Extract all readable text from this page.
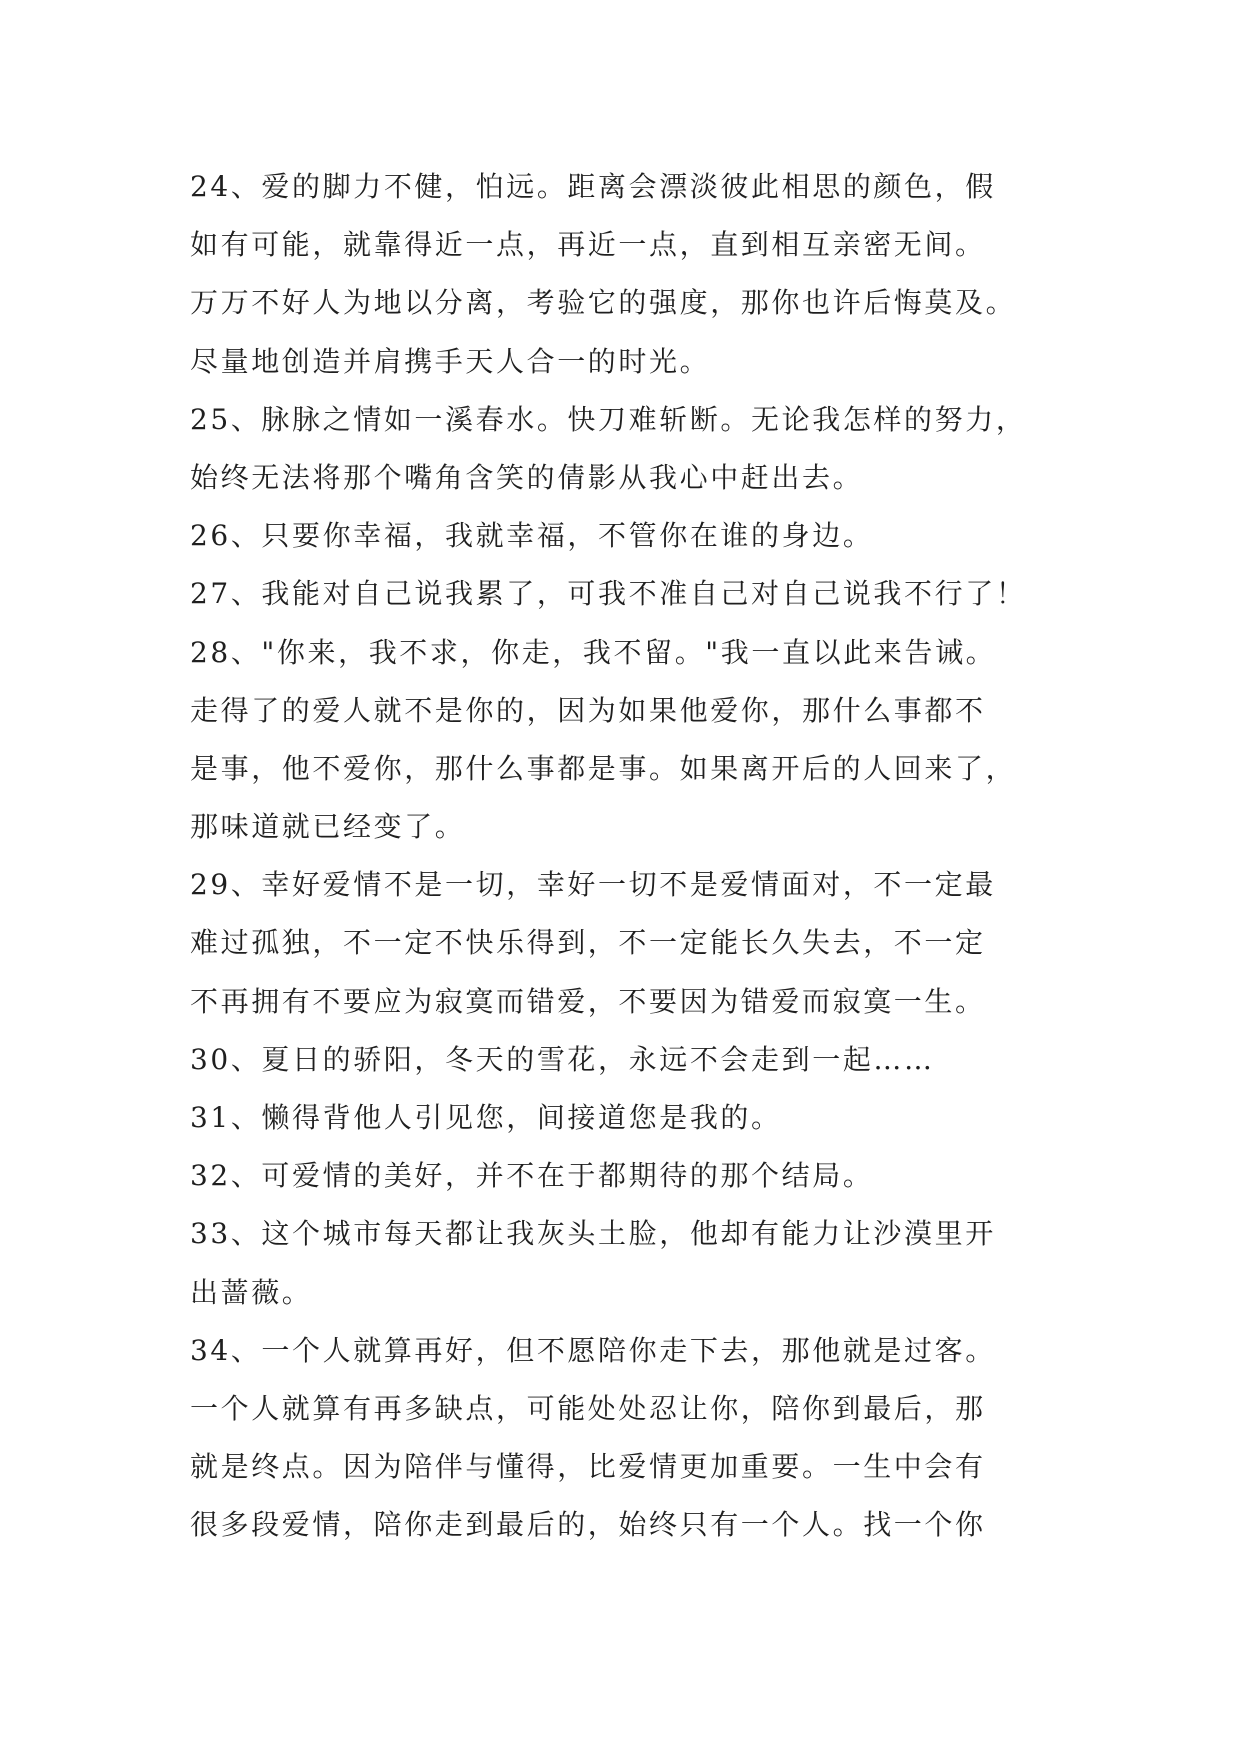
24、爱的脚力不健，怕远。距离会漂淡彼此相思的颜色，假
如有可能，就靠得近一点，再近一点，直到相互亲密无间。
万万不好人为地以分离，考验它的强度，那你也许后悔莫及。
尽量地创造并肩携手天人合一的时光。
25、脉脉之情如一溪春水。快刀难斩断。无论我怎样的努力，
始终无法将那个嘴角含笑的倩影从我心中赶出去。
26、只要你幸福，我就幸福，不管你在谁的身边。
27、我能对自己说我累了，可我不准自己对自己说我不行了！
28、"你来，我不求，你走，我不留。"我一直以此来告诫。
走得了的爱人就不是你的，因为如果他爱你，那什么事都不
是事，他不爱你，那什么事都是事。如果离开后的人回来了，
那味道就已经变了。
29、幸好爱情不是一切，幸好一切不是爱情面对，不一定最
难过孤独，不一定不快乐得到，不一定能长久失去，不一定
不再拥有不要应为寂寞而错爱，不要因为错爱而寂寞一生。
30、夏日的骄阳，冬天的雪花，永远不会走到一起……
31、懒得背他人引见您，间接道您是我的。
32、可爱情的美好，并不在于都期待的那个结局。
33、这个城市每天都让我灰头土脸，他却有能力让沙漠里开
出蔷薇。
34、一个人就算再好，但不愿陪你走下去，那他就是过客。
一个人就算有再多缺点，可能处处忍让你，陪你到最后，那
就是终点。因为陪伴与懂得，比爱情更加重要。一生中会有
很多段爱情，陪你走到最后的，始终只有一个人。找一个你
